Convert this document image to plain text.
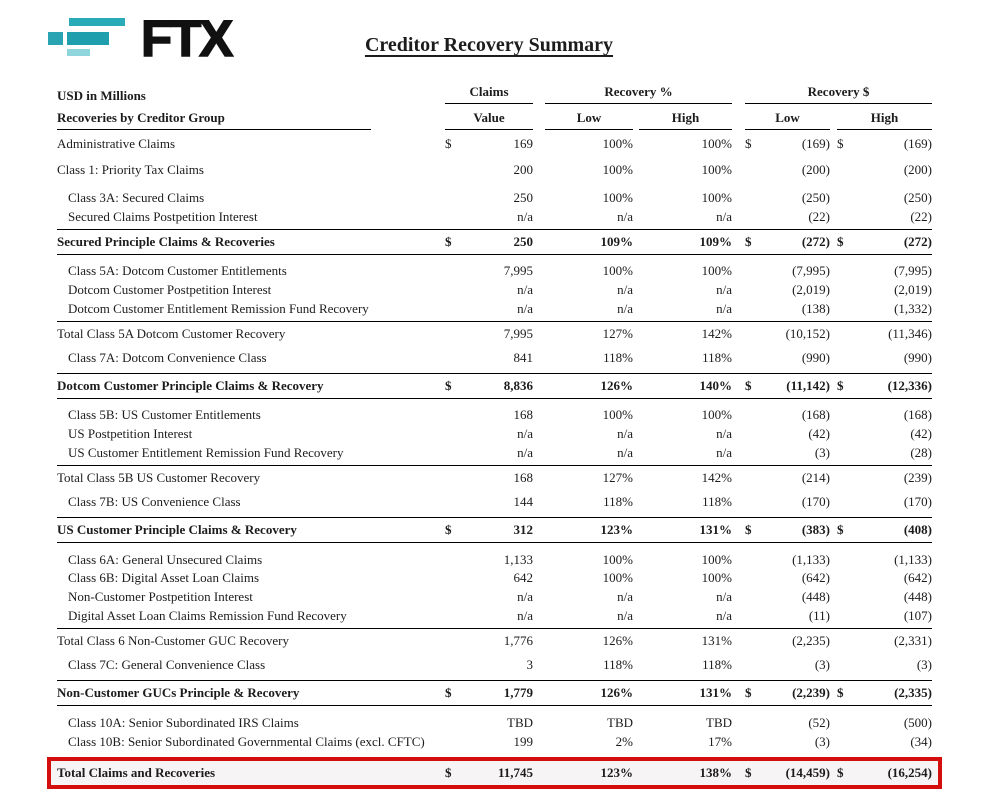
FTX	Creditor Recovery Summary
USD in Millions	Claims	Recovery %	Recovery $
Recoveries by Creditor Group	Value	Low	High	Low	High
Administrative Claims	$	169	100%	100% $	(169) $	(169)
Class 1: Priority Tax Claims	200	100%	100%	(200)	(200)
Class 3A: Secured Claims	250	100%	100%	(250)	(250)
Secured Claims Postpetition Interest	n/a	n/a	n/a	(22)	(22)
Secured Principle Claims & Recoveries	$	250	109%	109% $	(272) $	(272)
Class 5A: Dotcom Customer Entitlements	7,995	100%	100%	(7,995)	(7,995)
Dotcom Customer Postpetition Interest	n/a	n/a	n/a	(2,019)	(2,019)
Dotcom Customer Entitlement Remission Fund Recovery	n/a	n/a	n/a	(138)	(1,332)
Total Class 5A Dotcom Customer Recovery	7,995	127%	142%	(10,152)	(11,346)
Class 7A: Dotcom Convenience Class	841	118%	118%	(990)	(990)
Dotcom Customer Principle Claims & Recovery	$	8,836	126%	140% $	(11,142) $	(12,336)
Class 5B: US Customer Entitlements	168	100%	100%	(168)	(168)
US Postpetition Interest	n/a	n/a	n/a	(42)	(42)
US Customer Entitlement Remission Fund Recovery	n/a	n/a	n/a	(3)	(28)
Total Class 5B US Customer Recovery	168	127%	142%	(214)	(239)
Class 7B: US Convenience Class	144	118%	118%	(170)	(170)
US Customer Principle Claims & Recovery	$	312	123%	131% $	(383) $	(408)
Class 6A: General Unsecured Claims	1,133	100%	100%	(1,133)	(1,133)
Class 6B: Digital Asset Loan Claims	642	100%	100%	(642)	(642)
Non-Customer Postpetition Interest	n/a	n/a	n/a	(448)	(448)
Digital Asset Loan Claims Remission Fund Recovery	n/a	n/a	n/a	(11)	(107)
Total Class 6 Non-Customer GUC Recovery	1,776	126%	131%	(2,235)	(2,331)
Class 7C: General Convenience Class	3	118%	118%	(3)	(3)
Non-Customer GUCs Principle & Recovery	$	1,779	126%	131% $	(2,239) $	(2,335)
Class 10A: Senior Subordinated IRS Claims	TBD	TBD	TBD	(52)	(500)
Class 10B: Senior Subordinated Governmental Claims (excl. CFTC)	199	2%	17%	(3)	(34)
Total Claims and Recoveries	$	11,745	123%	138% $	(14,459) $	(16,254)
